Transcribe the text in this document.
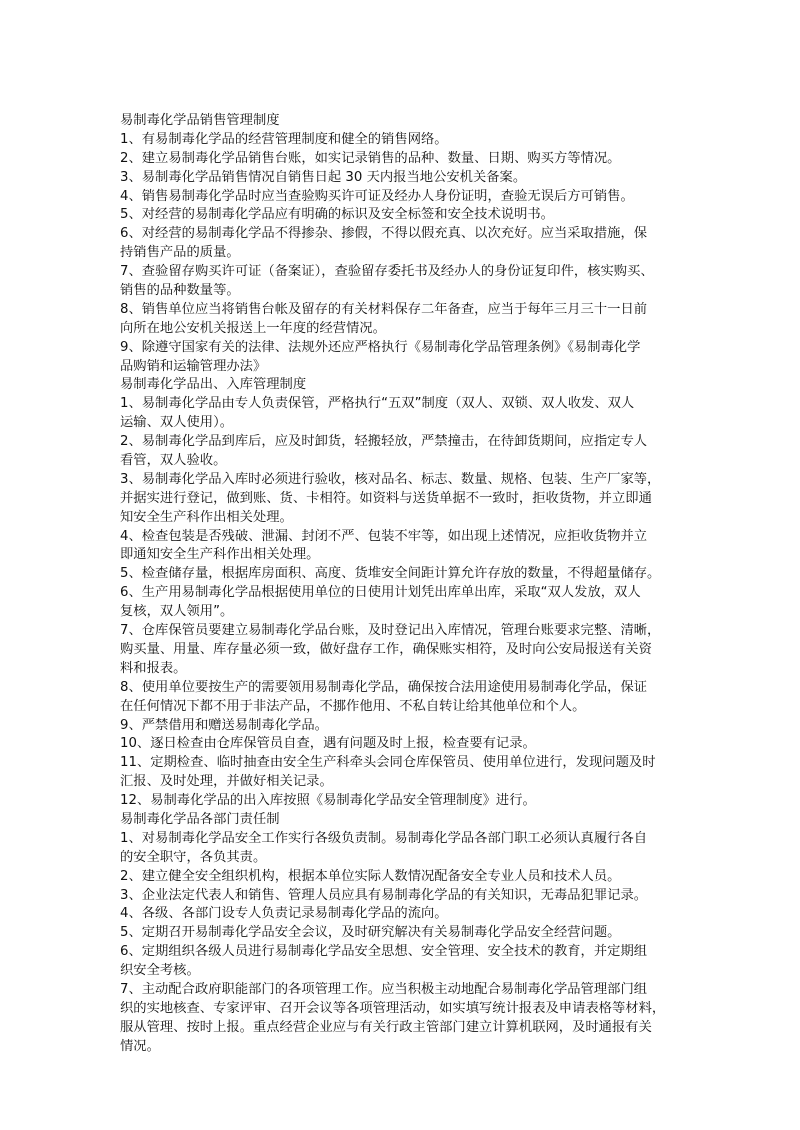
易制毒化学品销售管理制度
1、有易制毒化学品的经营管理制度和健全的销售网络。
2、建立易制毒化学品销售台账，如实记录销售的品种、数量、日期、购买方等情况。
3、易制毒化学品销售情况自销售日起 30 天内报当地公安机关备案。
4、销售易制毒化学品时应当查验购买许可证及经办人身份证明，查验无误后方可销售。
5、对经营的易制毒化学品应有明确的标识及安全标签和安全技术说明书。
6、对经营的易制毒化学品不得掺杂、掺假，不得以假充真、以次充好。应当采取措施，保
持销售产品的质量。
7、查验留存购买许可证（备案证），查验留存委托书及经办人的身份证复印件，核实购买、
销售的品种数量等。
8、销售单位应当将销售台帐及留存的有关材料保存二年备查，应当于每年三月三十一日前
向所在地公安机关报送上一年度的经营情况。
9、除遵守国家有关的法律、法规外还应严格执行《易制毒化学品管理条例》《易制毒化学
品购销和运输管理办法》
易制毒化学品出、入库管理制度
1、易制毒化学品由专人负责保管，严格执行“五双”制度（双人、双锁、双人收发、双人
运输、双人使用）。
2、易制毒化学品到库后，应及时卸货，轻搬轻放，严禁撞击，在待卸货期间，应指定专人
看管，双人验收。
3、易制毒化学品入库时必须进行验收，核对品名、标志、数量、规格、包装、生产厂家等，
并据实进行登记，做到账、货、卡相符。如资料与送货单据不一致时，拒收货物，并立即通
知安全生产科作出相关处理。
4、检查包装是否残破、泄漏、封闭不严、包装不牢等，如出现上述情况，应拒收货物并立
即通知安全生产科作出相关处理。
5、检查储存量，根据库房面积、高度、货堆安全间距计算允许存放的数量，不得超量储存。
6、生产用易制毒化学品根据使用单位的日使用计划凭出库单出库，采取“双人发放，双人
复核，双人领用”。
7、仓库保管员要建立易制毒化学品台账，及时登记出入库情况，管理台账要求完整、清晰，
购买量、用量、库存量必须一致，做好盘存工作，确保账实相符，及时向公安局报送有关资
料和报表。
8、使用单位要按生产的需要领用易制毒化学品，确保按合法用途使用易制毒化学品，保证
在任何情况下都不用于非法产品，不挪作他用、不私自转让给其他单位和个人。
9、严禁借用和赠送易制毒化学品。
10、逐日检查由仓库保管员自查，遇有问题及时上报，检查要有记录。
11、定期检查、临时抽查由安全生产科牵头会同仓库保管员、使用单位进行，发现问题及时
汇报、及时处理，并做好相关记录。
12、易制毒化学品的出入库按照《易制毒化学品安全管理制度》进行。
易制毒化学品各部门责任制
1、对易制毒化学品安全工作实行各级负责制。易制毒化学品各部门职工必须认真履行各自
的安全职守，各负其责。
2、建立健全安全组织机构，根据本单位实际人数情况配备安全专业人员和技术人员。
3、企业法定代表人和销售、管理人员应具有易制毒化学品的有关知识，无毒品犯罪记录。
4、各级、各部门设专人负责记录易制毒化学品的流向。
5、定期召开易制毒化学品安全会议，及时研究解决有关易制毒化学品安全经营问题。
6、定期组织各级人员进行易制毒化学品安全思想、安全管理、安全技术的教育，并定期组
织安全考核。
7、主动配合政府职能部门的各项管理工作。应当积极主动地配合易制毒化学品管理部门组
织的实地核查、专家评审、召开会议等各项管理活动，如实填写统计报表及申请表格等材料，
服从管理、按时上报。重点经营企业应与有关行政主管部门建立计算机联网，及时通报有关
情况。
